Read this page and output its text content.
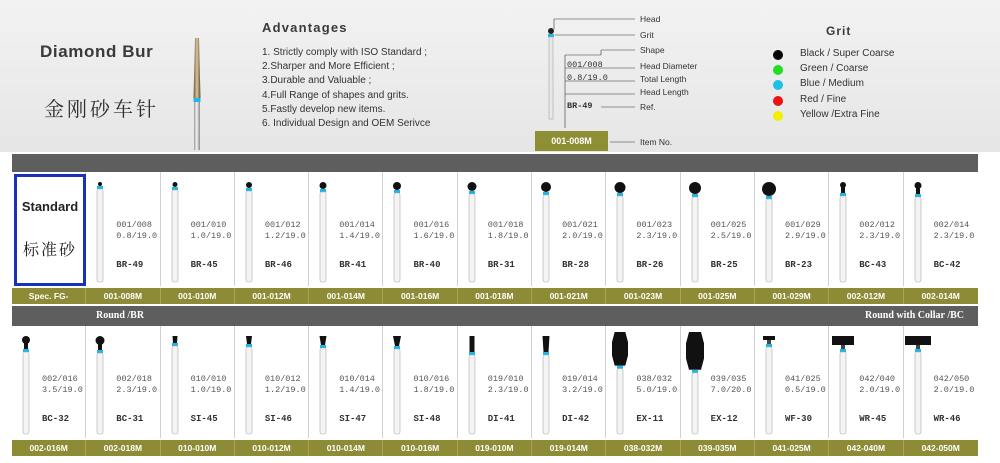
Diamond Bur
金刚砂车针
Advantages
1. Strictly comply with ISO Standard ;
2.Sharper and More Efficient ;
3.Durable and Valuable ;
4.Full Range of shapes and grits.
5.Fastly develop new items.
6. Individual Design and OEM Serivce
Head
Grit
Shape
Head Diameter
Total Length
Head Length
Ref.
Item No.
001/008
0.8/19.0
BR-49
001-008M
Grit
Black / Super Coarse
Green / Coarse
Blue / Medium
Red / Fine
Yellow /Extra Fine
001/008
0.8/19.0
BR-49
001/010
1.0/19.0
BR-45
001/012
1.2/19.0
BR-46
001/014
1.4/19.0
BR-41
001/016
1.6/19.0
BR-40
001/018
1.8/19.0
BR-31
001/021
2.0/19.0
BR-28
001/023
2.3/19.0
BR-26
001/025
2.5/19.0
BR-25
001/029
2.9/19.0
BR-23
002/012
2.3/19.0
BC-43
002/014
2.3/19.0
BC-42
Standard
标准砂
Spec. FG-	001-008M	001-010M	001-012M	001-014M	001-016M	001-018M	001-021M	001-023M	001-025M	001-029M	002-012M	002-014M
Round /BR	Round with Collar /BC
002/016
3.5/19.0
BC-32
002/018
2.3/19.0
BC-31
010/010
1.0/19.0
SI-45
010/012
1.2/19.0
SI-46
010/014
1.4/19.0
SI-47
010/016
1.8/19.0
SI-48
019/010
2.3/19.0
DI-41
019/014
3.2/19.0
DI-42
038/032
5.0/19.0
EX-11
039/035
7.0/20.0
EX-12
041/025
0.5/19.0
WF-30
042/040
2.0/19.0
WR-45
042/050
2.0/19.0
WR-46
002-016M	002-018M	010-010M	010-012M	010-014M	010-016M	019-010M	019-014M	038-032M	039-035M	041-025M	042-040M	042-050M
